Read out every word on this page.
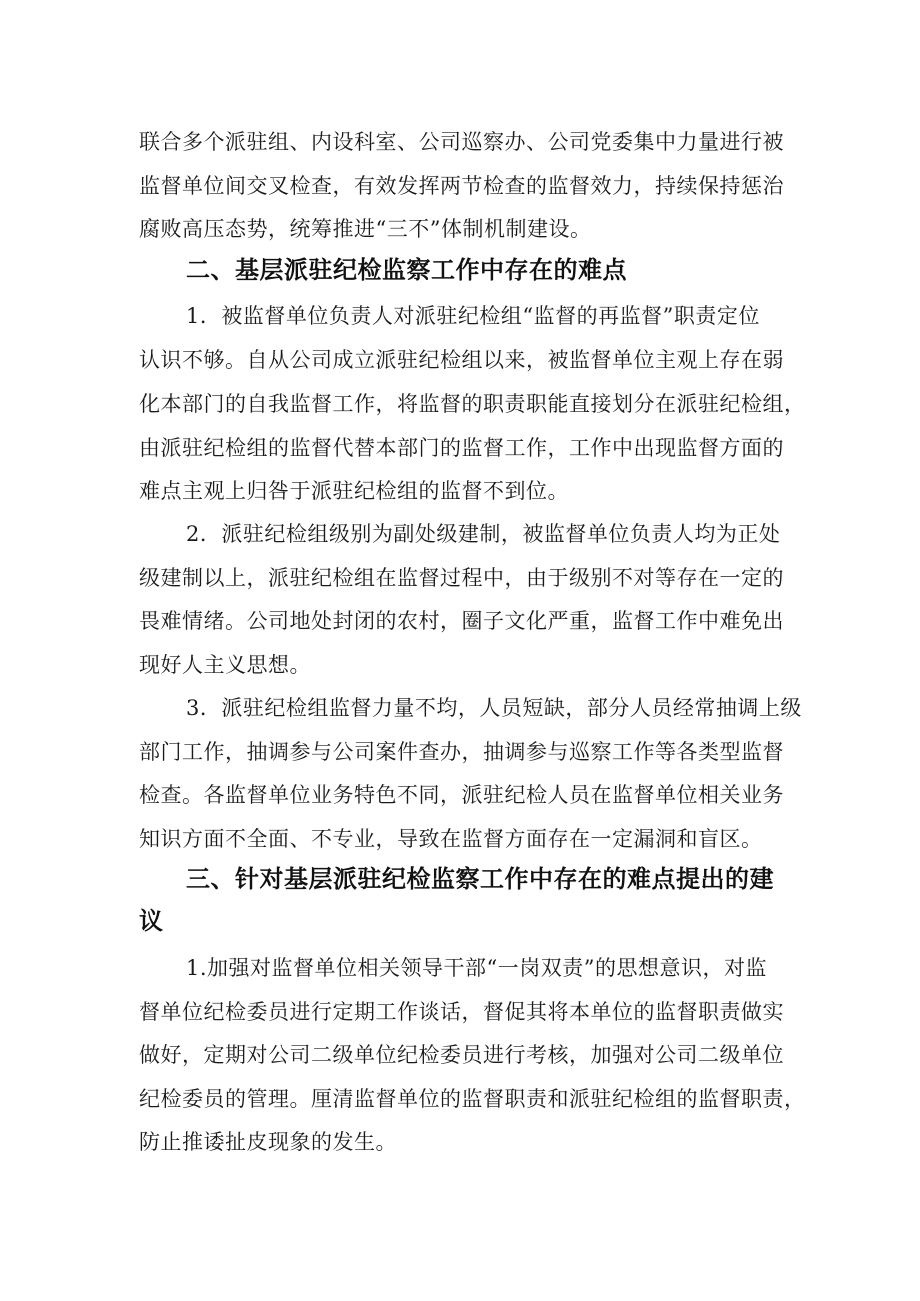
联合多个派驻组、内设科室、公司巡察办、公司党委集中力量进行被
监督单位间交叉检查，有效发挥两节检查的监督效力，持续保持惩治
腐败高压态势，统筹推进“三不”体制机制建设。
二、基层派驻纪检监察工作中存在的难点
1．被监督单位负责人对派驻纪检组“监督的再监督”职责定位
认识不够。自从公司成立派驻纪检组以来，被监督单位主观上存在弱
化本部门的自我监督工作，将监督的职责职能直接划分在派驻纪检组，
由派驻纪检组的监督代替本部门的监督工作，工作中出现监督方面的
难点主观上归咎于派驻纪检组的监督不到位。
2．派驻纪检组级别为副处级建制，被监督单位负责人均为正处
级建制以上，派驻纪检组在监督过程中，由于级别不对等存在一定的
畏难情绪。公司地处封闭的农村，圈子文化严重，监督工作中难免出
现好人主义思想。
3．派驻纪检组监督力量不均，人员短缺，部分人员经常抽调上级
部门工作，抽调参与公司案件查办，抽调参与巡察工作等各类型监督
检查。各监督单位业务特色不同，派驻纪检人员在监督单位相关业务
知识方面不全面、不专业，导致在监督方面存在一定漏洞和盲区。
三、针对基层派驻纪检监察工作中存在的难点提出的建
议
1.加强对监督单位相关领导干部“一岗双责”的思想意识，对监
督单位纪检委员进行定期工作谈话，督促其将本单位的监督职责做实
做好，定期对公司二级单位纪检委员进行考核，加强对公司二级单位
纪检委员的管理。厘清监督单位的监督职责和派驻纪检组的监督职责，
防止推诿扯皮现象的发生。
